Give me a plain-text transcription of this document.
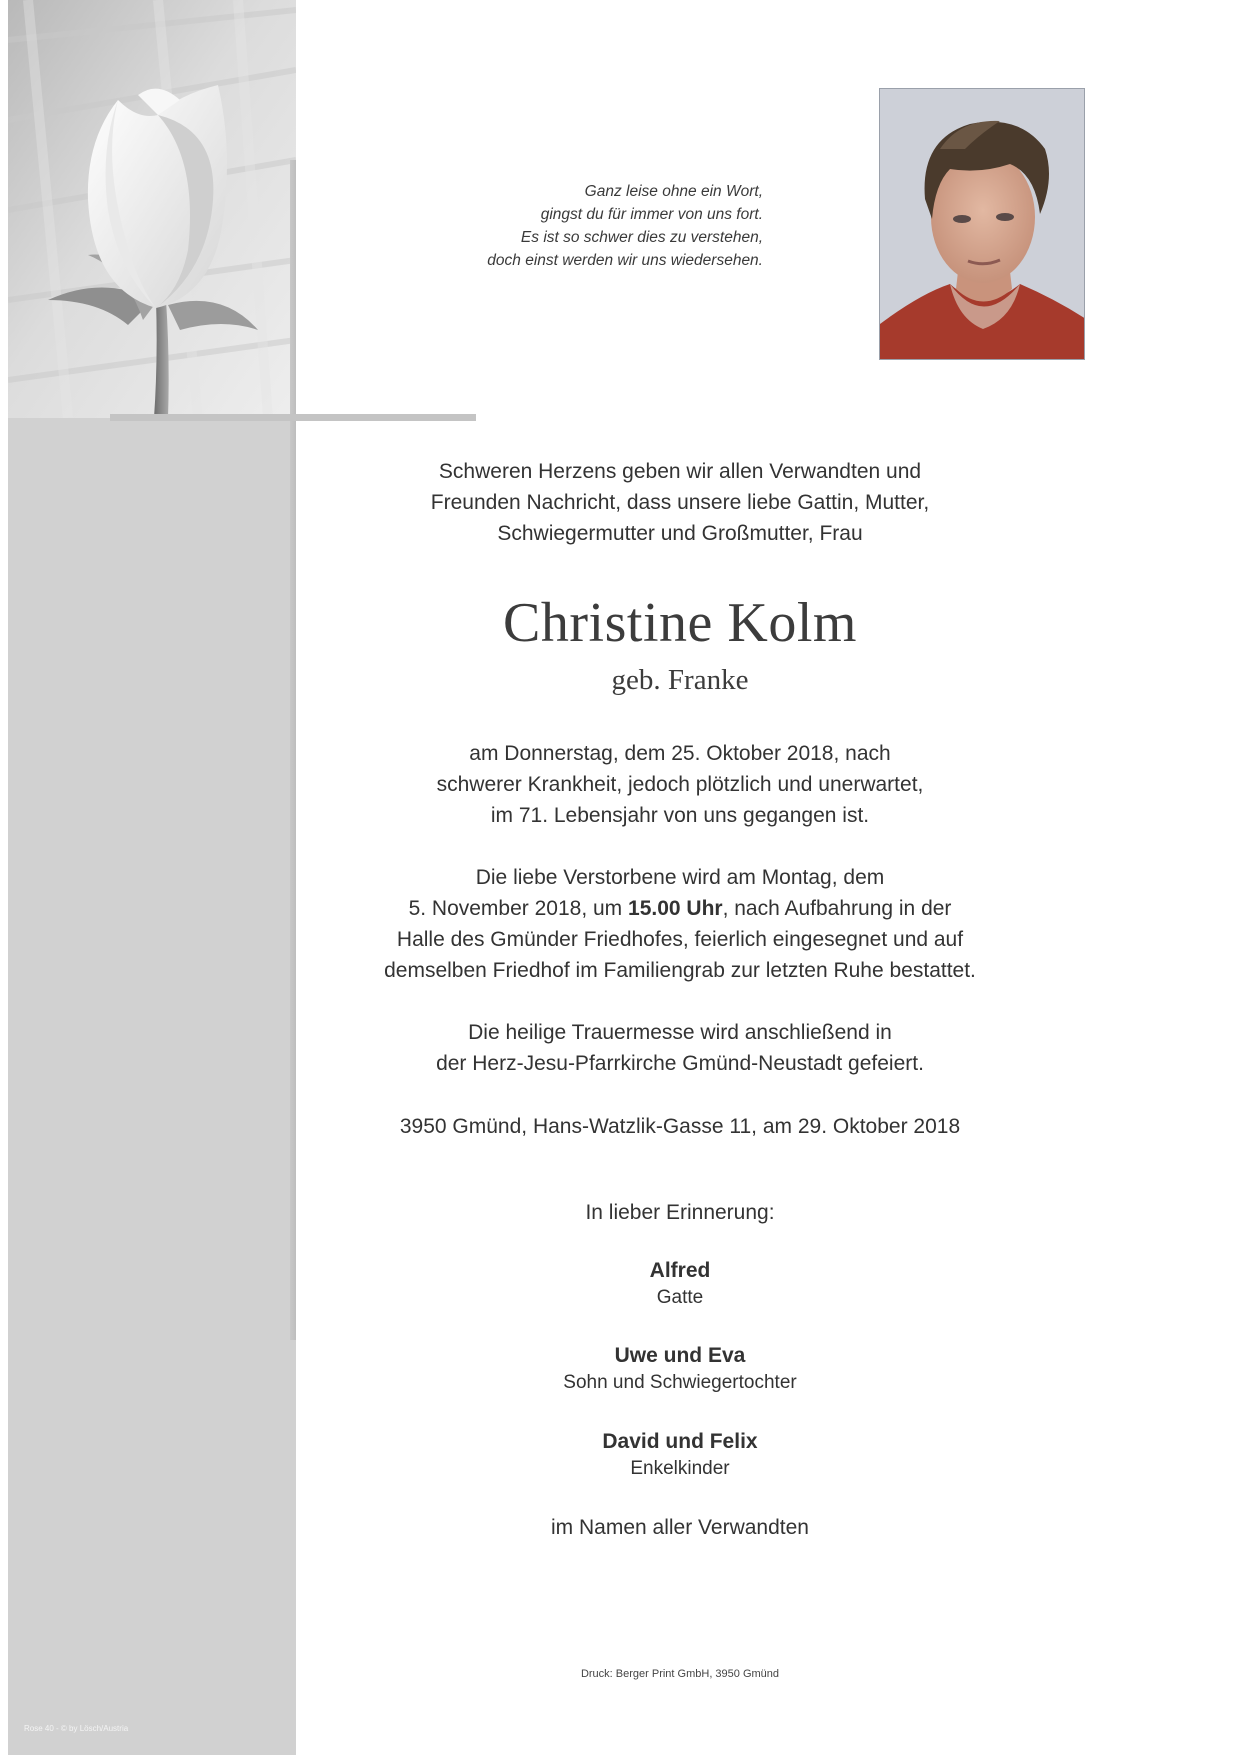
Rose 40 - © by Lösch/Austria
Ganz leise ohne ein Wort,
gingst du für immer von uns fort.
Es ist so schwer dies zu verstehen,
doch einst werden wir uns wiedersehen.
Schweren Herzens geben wir allen Verwandten und
Freunden Nachricht, dass unsere liebe Gattin, Mutter,
Schwiegermutter und Großmutter, Frau
Christine Kolm
geb. Franke
am Donnerstag, dem 25. Oktober 2018, nach
schwerer Krankheit, jedoch plötzlich und unerwartet,
im 71. Lebensjahr von uns gegangen ist.
Die liebe Verstorbene wird am Montag, dem
5. November 2018, um 15.00 Uhr, nach Aufbahrung in der
Halle des Gmünder Friedhofes, feierlich eingesegnet und auf
demselben Friedhof im Familiengrab zur letzten Ruhe bestattet.
Die heilige Trauermesse wird anschließend in
der Herz-Jesu-Pfarrkirche Gmünd-Neustadt gefeiert.
3950 Gmünd, Hans-Watzlik-Gasse 11, am 29. Oktober 2018
In lieber Erinnerung:
Alfred
Gatte
Uwe und Eva
Sohn und Schwiegertochter
David und Felix
Enkelkinder
im Namen aller Verwandten
Druck: Berger Print GmbH, 3950 Gmünd
